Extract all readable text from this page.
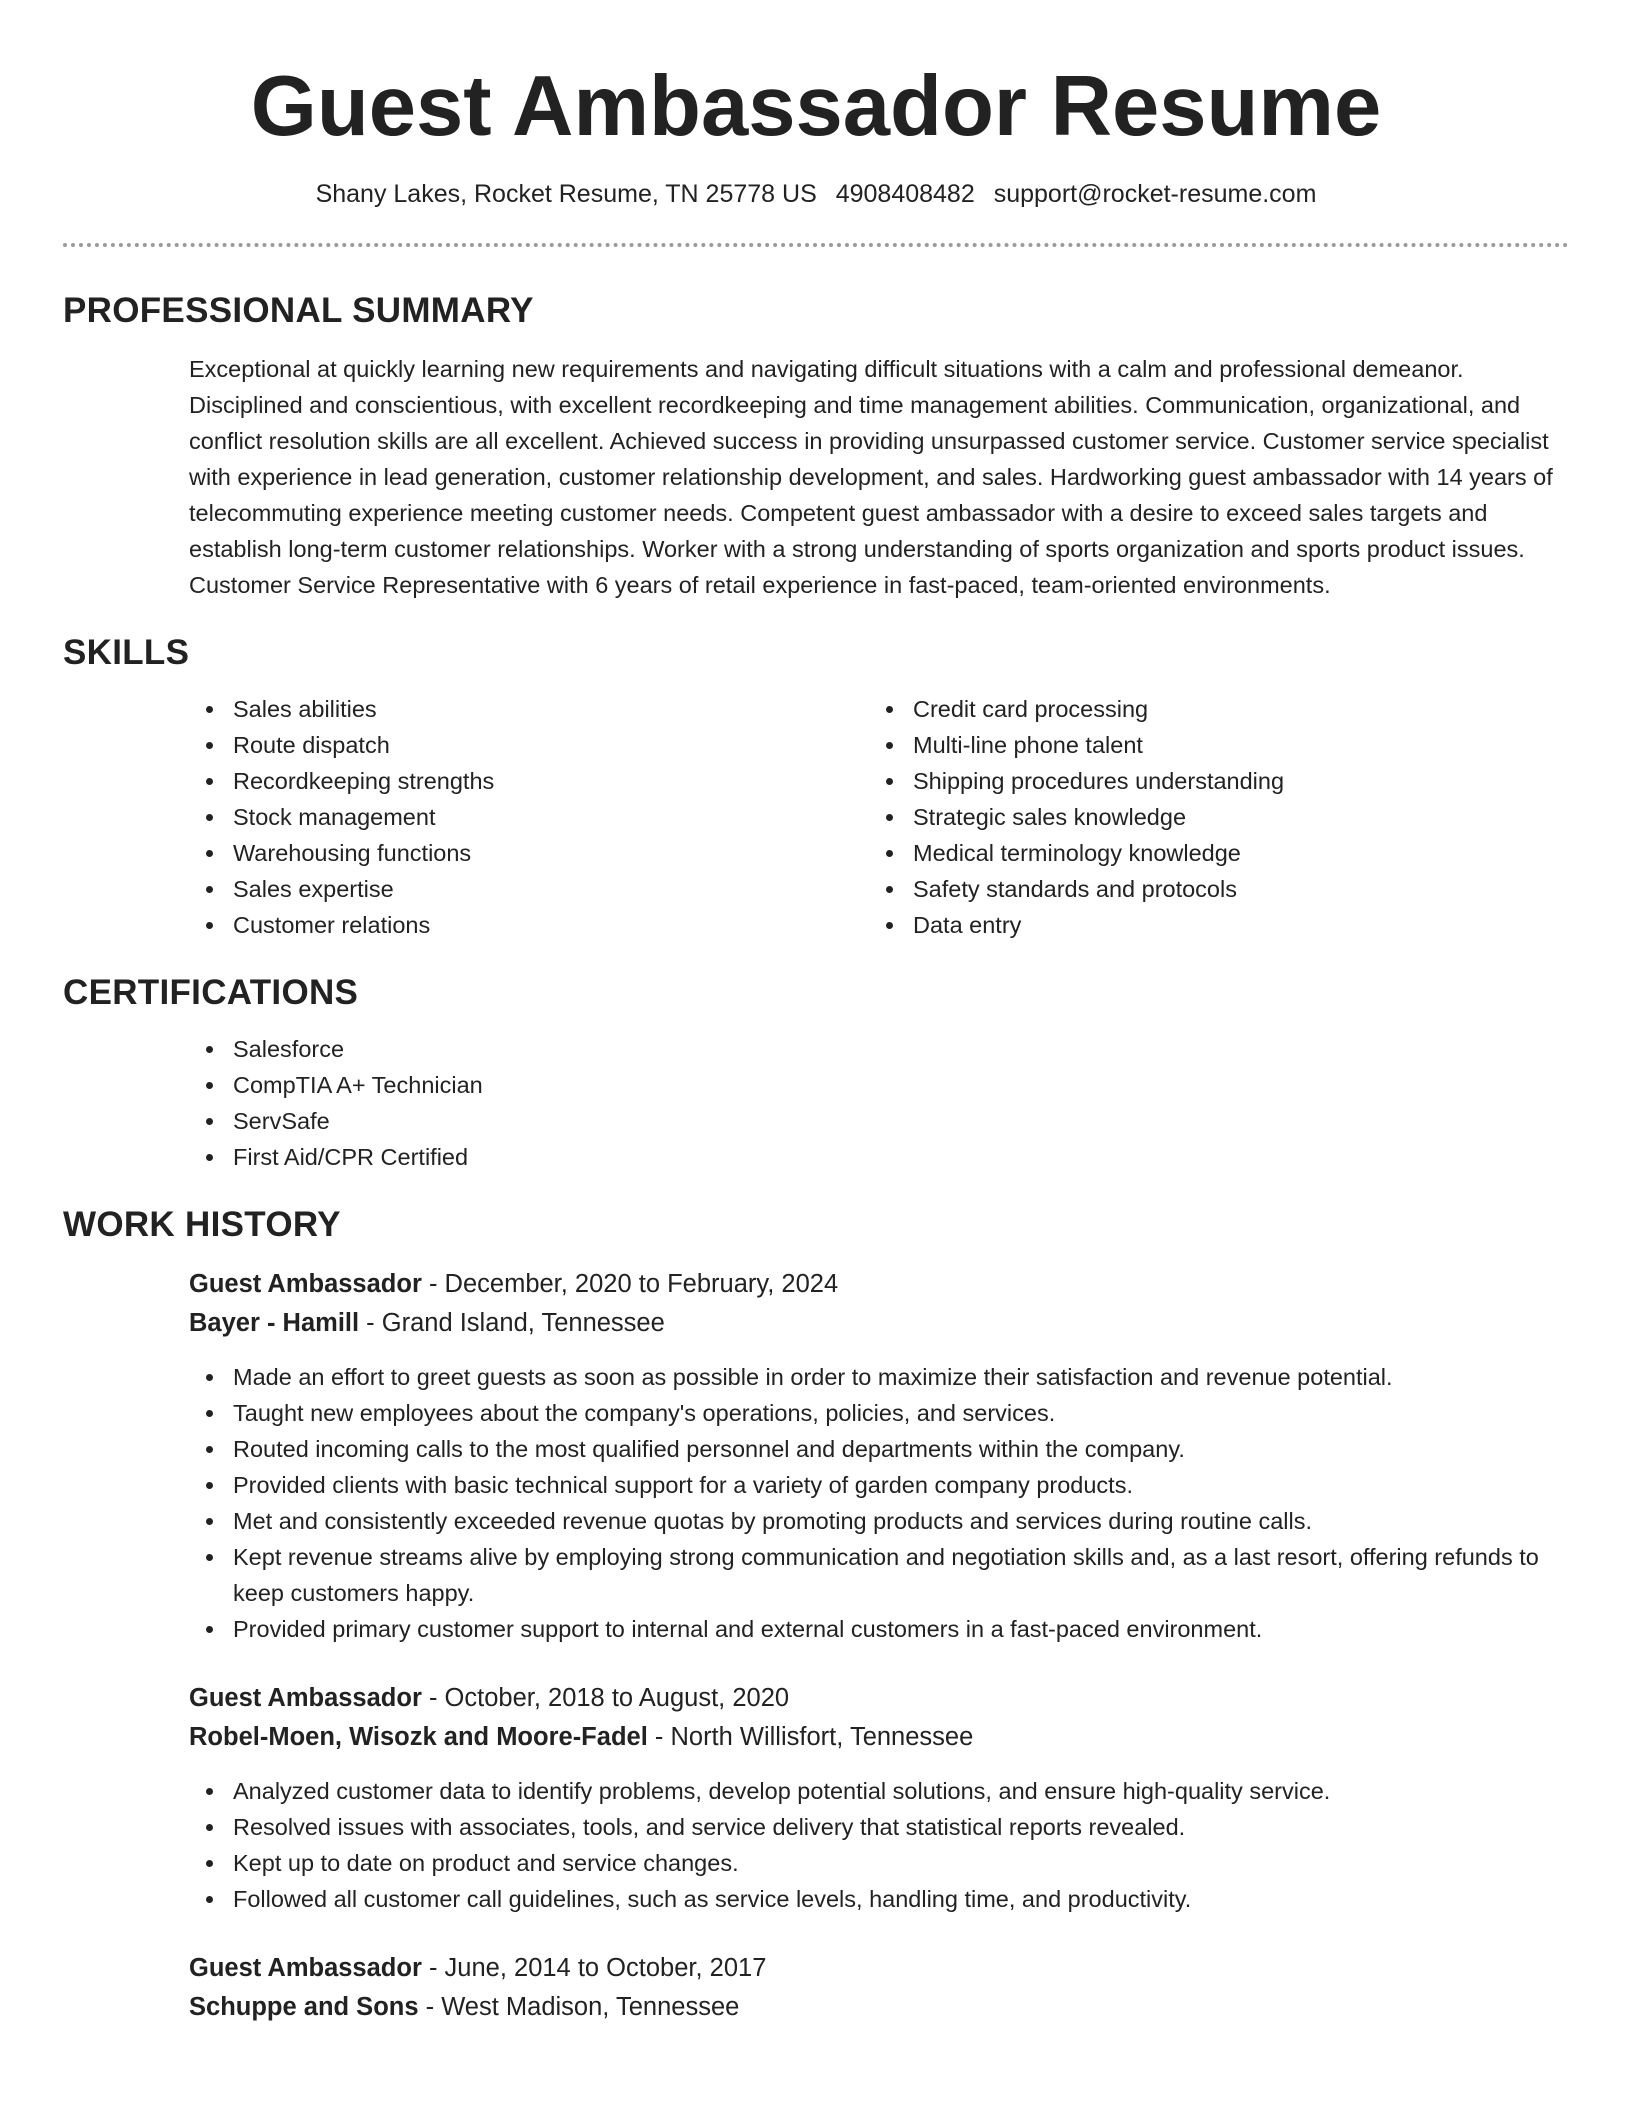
Guest Ambassador Resume
Shany Lakes, Rocket Resume, TN 25778 US 4908408482 support@rocket-resume.com
PROFESSIONAL SUMMARY

Exceptional at quickly learning new requirements and navigating difficult situations with a calm and professional demeanor. Disciplined and conscientious, with excellent recordkeeping and time management abilities. Communication, organizational, and conflict resolution skills are all excellent. Achieved success in providing unsurpassed customer service. Customer service specialist with experience in lead generation, customer relationship development, and sales. Hardworking guest ambassador with 14 years of telecommuting experience meeting customer needs. Competent guest ambassador with a desire to exceed sales targets and establish long-term customer relationships. Worker with a strong understanding of sports organization and sports product issues. Customer Service Representative with 6 years of retail experience in fast-paced, team-oriented environments.

SKILLS
Sales abilities
Route dispatch
Recordkeeping strengths
Stock management
Warehousing functions
Sales expertise
Customer relations
Credit card processing
Multi-line phone talent
Shipping procedures understanding
Strategic sales knowledge
Medical terminology knowledge
Safety standards and protocols
Data entry
CERTIFICATIONS
Salesforce
CompTIA A+ Technician
ServSafe
First Aid/CPR Certified
WORK HISTORY
Guest Ambassador - December, 2020 to February, 2024
Bayer - Hamill - Grand Island, Tennessee
Made an effort to greet guests as soon as possible in order to maximize their satisfaction and revenue potential.
Taught new employees about the company's operations, policies, and services.
Routed incoming calls to the most qualified personnel and departments within the company.
Provided clients with basic technical support for a variety of garden company products.
Met and consistently exceeded revenue quotas by promoting products and services during routine calls.
Kept revenue streams alive by employing strong communication and negotiation skills and, as a last resort, offering refunds to keep customers happy.
Provided primary customer support to internal and external customers in a fast-paced environment.
Guest Ambassador - October, 2018 to August, 2020
Robel-Moen, Wisozk and Moore-Fadel - North Willisfort, Tennessee
Analyzed customer data to identify problems, develop potential solutions, and ensure high-quality service.
Resolved issues with associates, tools, and service delivery that statistical reports revealed.
Kept up to date on product and service changes.
Followed all customer call guidelines, such as service levels, handling time, and productivity.
Guest Ambassador - June, 2014 to October, 2017
Schuppe and Sons - West Madison, Tennessee
